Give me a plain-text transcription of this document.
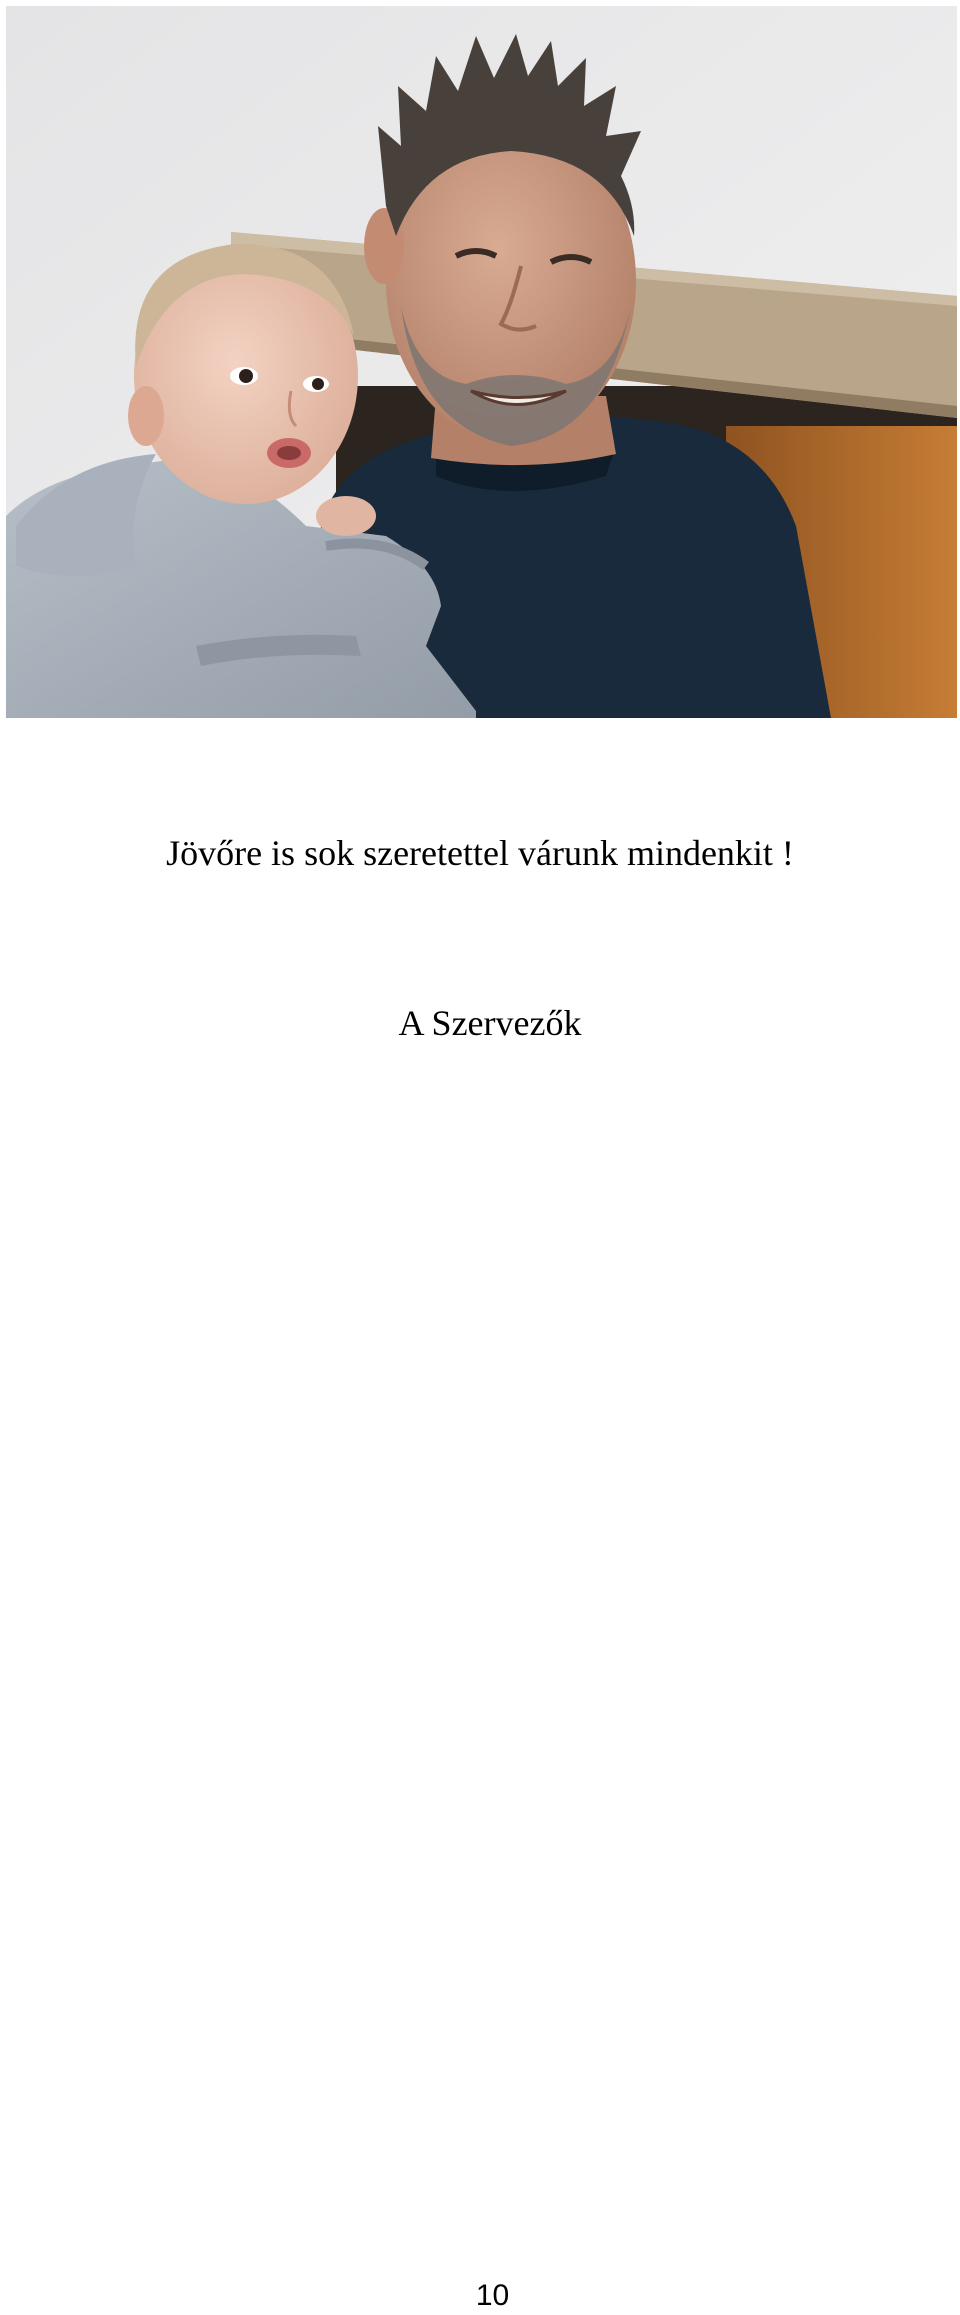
Jövőre is sok szeretettel várunk mindenkit !
A Szervezők
10
